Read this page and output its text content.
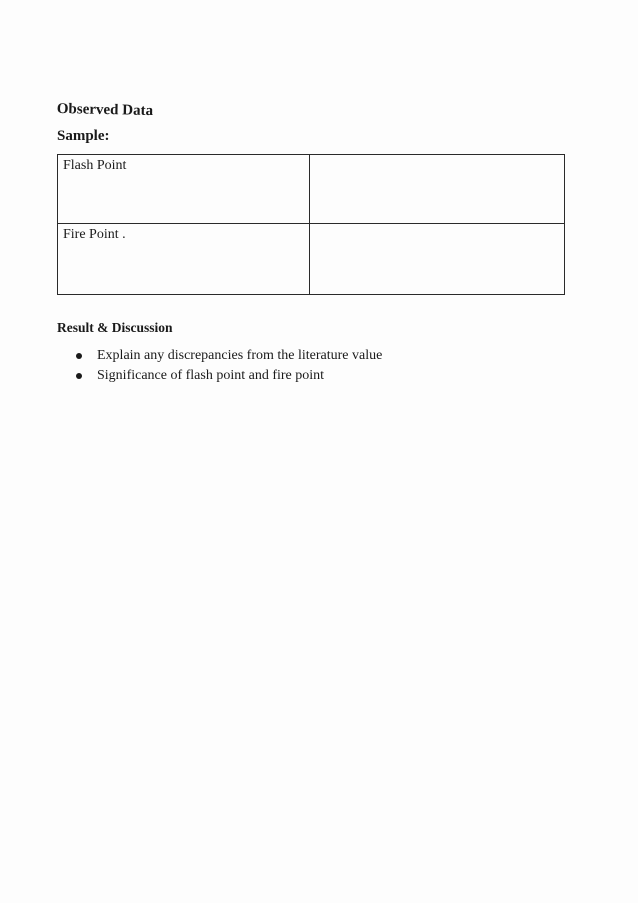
Observed Data
Sample:
Flash Point	
Fire Point .	
Result & Discussion
Explain any discrepancies from the literature value
Significance of flash point and fire point
